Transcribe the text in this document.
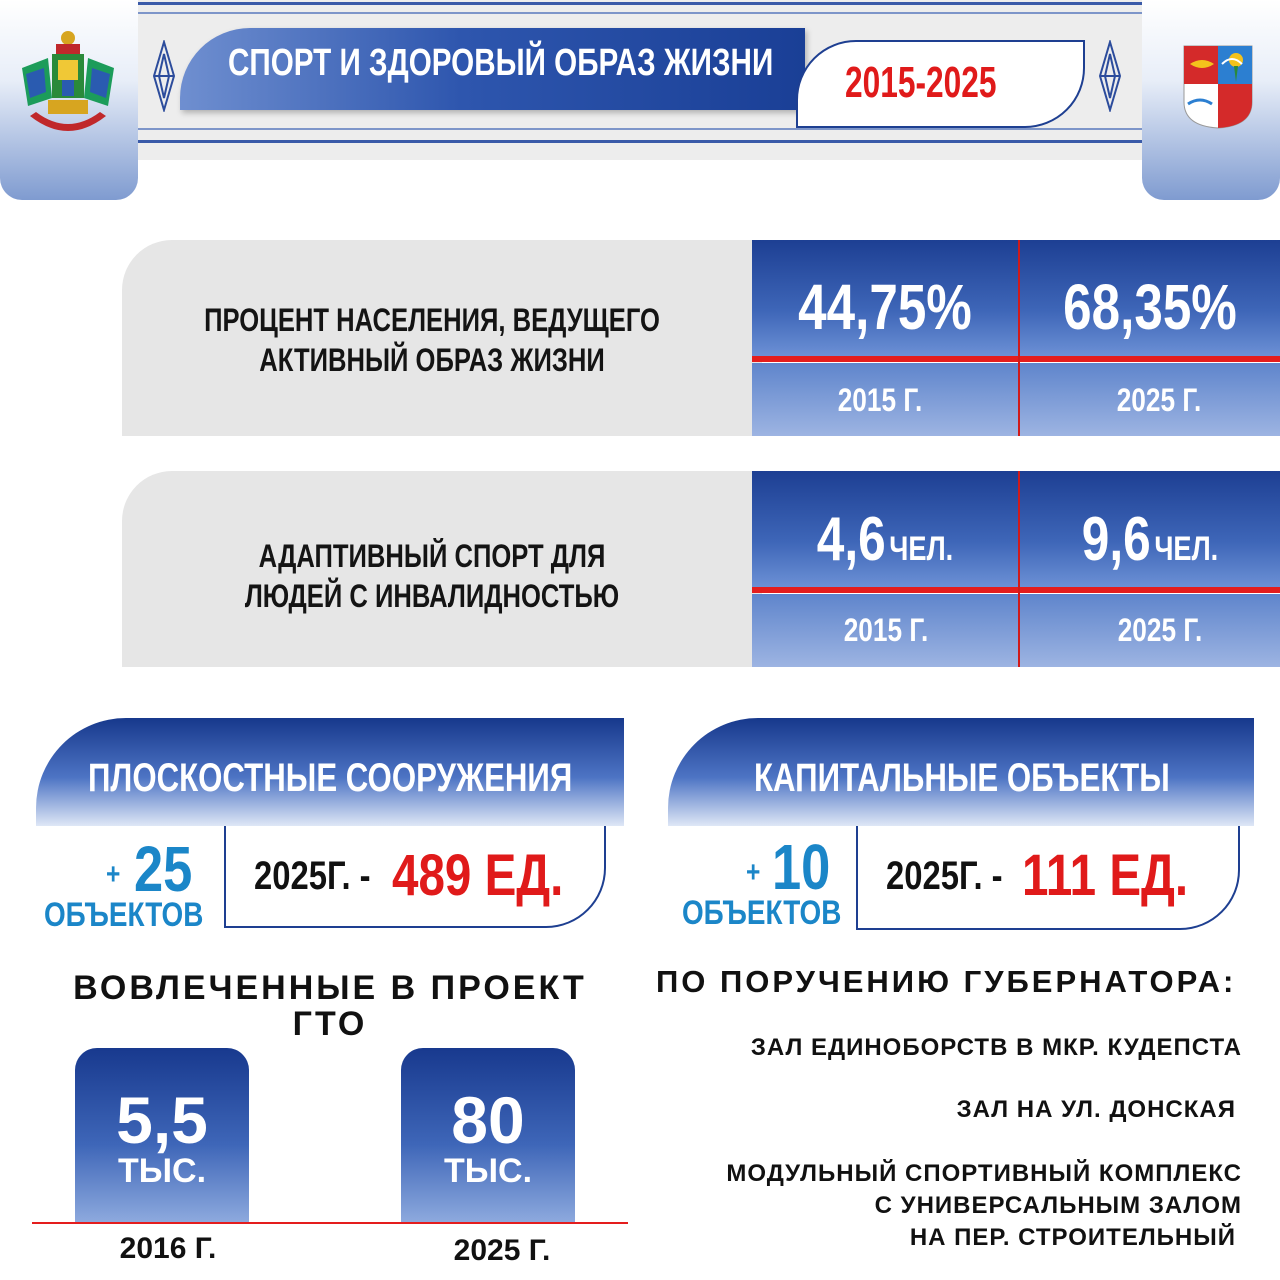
СПОРТ И ЗДОРОВЫЙ ОБРАЗ ЖИЗНИ 2015-2025
ПРОЦЕНТ НАСЕЛЕНИЯ, ВЕДУЩЕГО
АКТИВНЫЙ ОБРАЗ ЖИЗНИ
44,75%	68,35%
2015 Г.	2025 Г.
АДАПТИВНЫЙ СПОРТ ДЛЯ
ЛЮДЕЙ С ИНВАЛИДНОСТЬЮ
4,6 ЧЕЛ.	9,6 ЧЕЛ.
2015 Г.	2025 Г.
ПЛОСКОСТНЫЕ СООРУЖЕНИЯ
+ 25
ОБЪЕКТОВ
2025Г. - 489 ЕД.
КАПИТАЛЬНЫЕ ОБЪЕКТЫ
+ 10
ОБЪЕКТОВ
2025Г. - 111 ЕД.
ВОВЛЕЧЕННЫЕ В ПРОЕКТ
ГТО
5,5
ТЫС.
80
ТЫС.
2016 Г.	2025 Г.
ПО ПОРУЧЕНИЮ ГУБЕРНАТОРА:
ЗАЛ ЕДИНОБОРСТВ В МКР. КУДЕПСТА
ЗАЛ НА УЛ. ДОНСКАЯ
МОДУЛЬНЫЙ СПОРТИВНЫЙ КОМПЛЕКС
С УНИВЕРСАЛЬНЫМ ЗАЛОМ
НА ПЕР. СТРОИТЕЛЬНЫЙ
